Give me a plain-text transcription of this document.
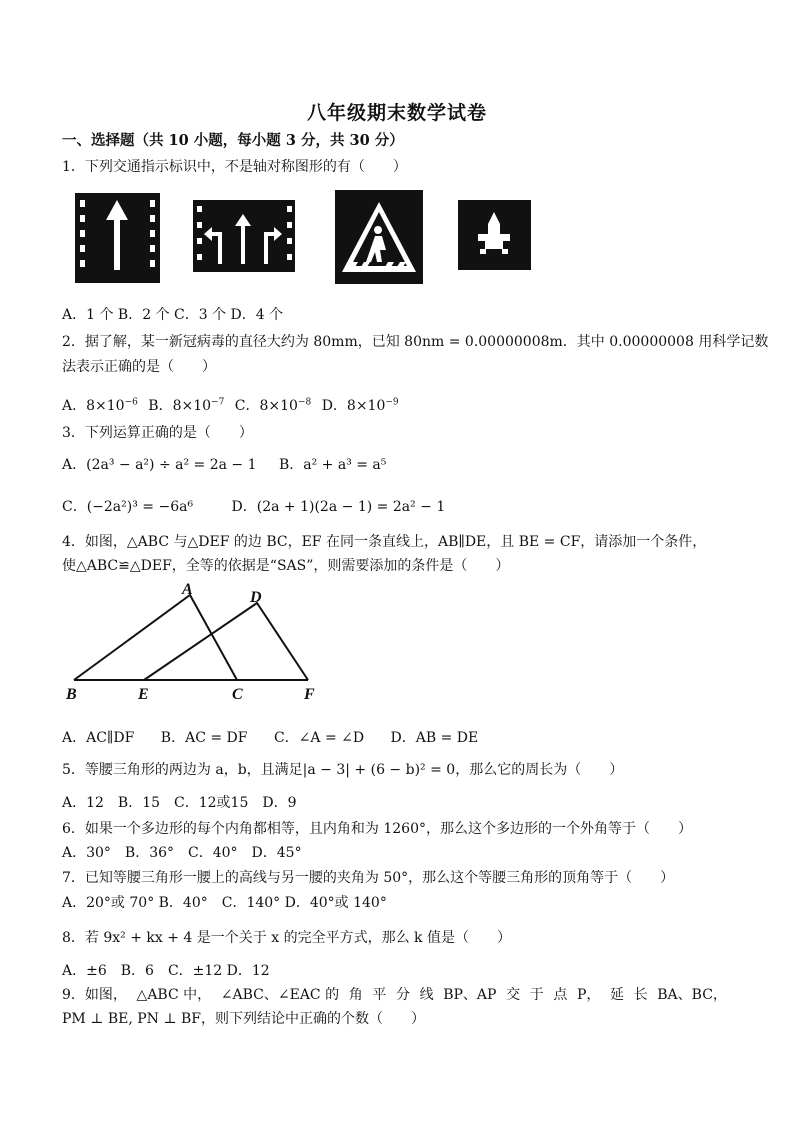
八年级期末数学试卷
一、选择题（共 10 小题，每小题 3 分，共 30 分）
1．下列交通指示标识中，不是轴对称图形的有（　　）
A．1 个 B．2 个 C．3 个 D．4 个
2．据了解，某一新冠病毒的直径大约为 80mm，已知 80nm = 0.00000008m．其中 0.00000008 用科学记数
法表示正确的是（　　）
A．$8\times 10^{-6}$ B．$8\times 10^{-7}$ C．$8\times 10^{-8}$ D．$8\times 10^{-9}$
3．下列运算正确的是（　　）
A．(2a³ − a²) ÷ a² = 2a − 1 B．a² + a³ = a⁵
C．(−2a²)³ = −6a⁶	D．(2a + 1)(2a − 1) = 2a² − 1
4．如图，△ABC 与△DEF 的边 BC，EF 在同一条直线上，AB∥DE，且 BE = CF，请添加一个条件，
使△ABC≌△DEF，全等的依据是“SAS”，则需要添加的条件是（　　）
A	D
B	E	C	F
A．AC∥DF B．AC = DF C．∠A = ∠D D．AB = DE
5．等腰三角形的两边为 a，b，且满足|a − 3| + (6 − b)² = 0，那么它的周长为（　　）
A．12　B．15　C．12或15　D．9
6．如果一个多边形的每个内角都相等，且内角和为 1260°，那么这个多边形的一个外角等于（　　）
A．30°　B．36°　C．40°　D．45°
7．已知等腰三角形一腰上的高线与另一腰的夹角为 50°，那么这个等腰三角形的顶角等于（　　）
A．20°或 70° B．40°　C．140° D．40°或 140°
8．若 9x² + kx + 4 是一个关于 x 的完全平方式，那么 k 值是（　　）
A．±6　B．6　C．±12 D．12
9．如图， △ABC 中， ∠ABC、∠EAC 的 角 平 分 线 BP、AP 交 于 点 P， 延 长 BA、BC，
PM ⊥ BE, PN ⊥ BF，则下列结论中正确的个数（　　）
